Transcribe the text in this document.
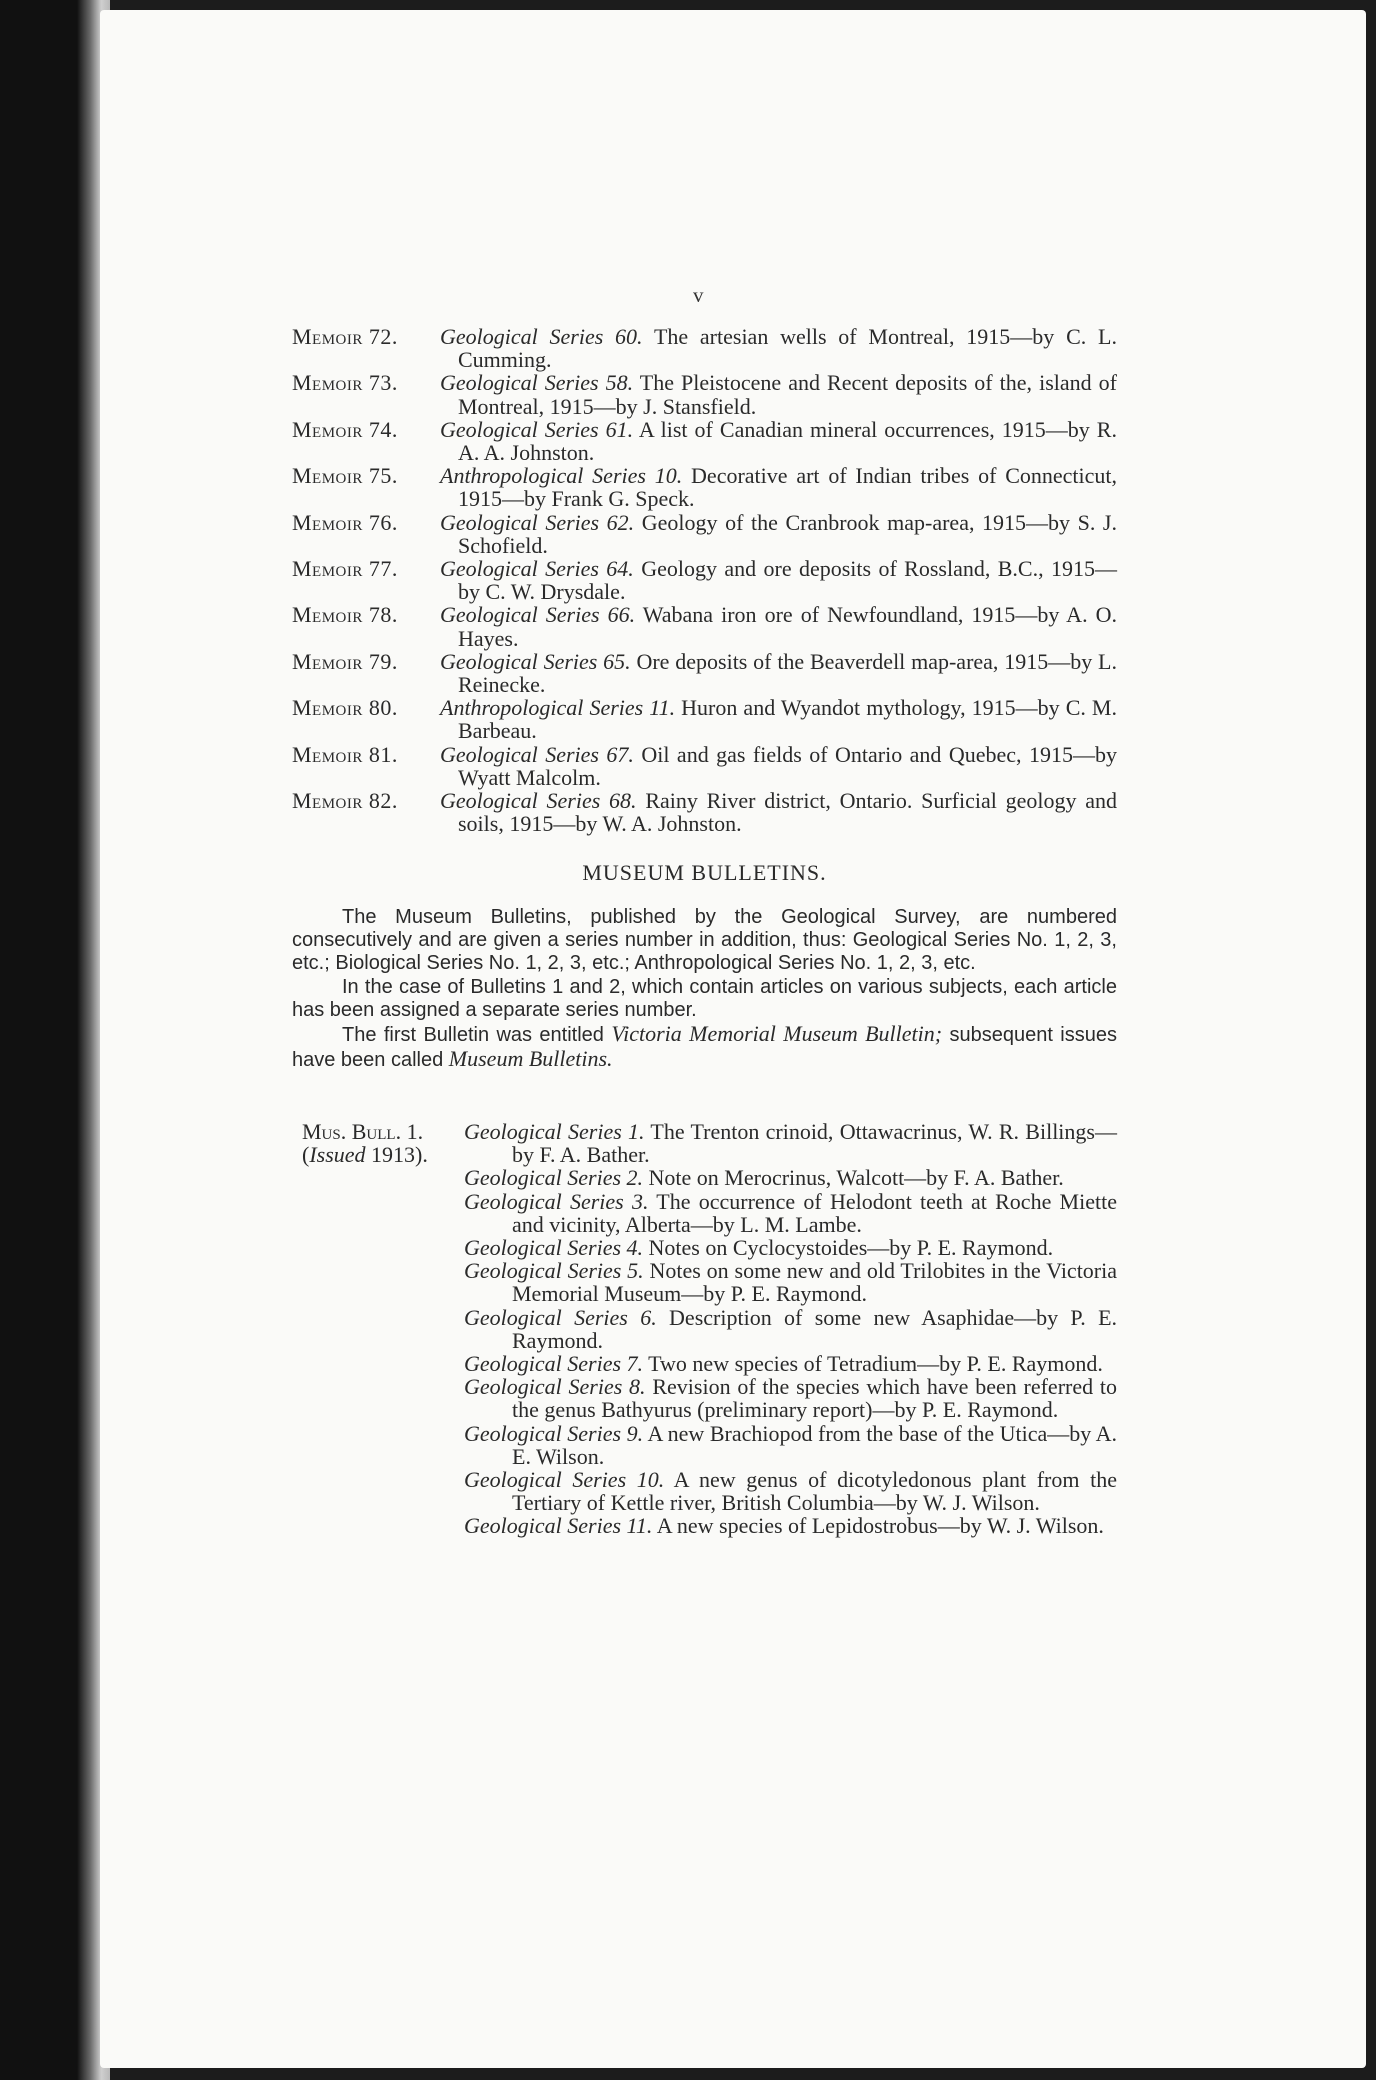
v
Memoir 72. Geological Series 60. The artesian wells of Montreal, 1915—by C. L. Cumming.
Memoir 73. Geological Series 58. The Pleistocene and Recent deposits of the, island of Montreal, 1915—by J. Stansfield.
Memoir 74. Geological Series 61. A list of Canadian mineral occurrences, 1915—by R. A. A. Johnston.
Memoir 75. Anthropological Series 10. Decorative art of Indian tribes of Connecticut, 1915—by Frank G. Speck.
Memoir 76. Geological Series 62. Geology of the Cranbrook map-area, 1915—by S. J. Schofield.
Memoir 77. Geological Series 64. Geology and ore deposits of Rossland, B.C., 1915—by C. W. Drysdale.
Memoir 78. Geological Series 66. Wabana iron ore of Newfoundland, 1915—by A. O. Hayes.
Memoir 79. Geological Series 65. Ore deposits of the Beaverdell map-area, 1915—by L. Reinecke.
Memoir 80. Anthropological Series 11. Huron and Wyandot mythology, 1915—by C. M. Barbeau.
Memoir 81. Geological Series 67. Oil and gas fields of Ontario and Quebec, 1915—by Wyatt Malcolm.
Memoir 82. Geological Series 68. Rainy River district, Ontario. Surficial geology and soils, 1915—by W. A. Johnston.
MUSEUM BULLETINS.

The Museum Bulletins, published by the Geological Survey, are numbered consecutively and are given a series number in addition, thus: Geological Series No. 1, 2, 3, etc.; Biological Series No. 1, 2, 3, etc.; Anthropological Series No. 1, 2, 3, etc.

In the case of Bulletins 1 and 2, which contain articles on various subjects, each article has been assigned a separate series number.

The first Bulletin was entitled Victoria Memorial Museum Bulletin; subsequent issues have been called Museum Bulletins.

Mus. Bull. 1.
(Issued 1913).
Geological Series 1. The Trenton crinoid, Ottawacrinus, W. R. Billings—by F. A. Bather.
Geological Series 2. Note on Merocrinus, Walcott—by F. A. Bather.
Geological Series 3. The occurrence of Helodont teeth at Roche Miette and vicinity, Alberta—by L. M. Lambe.
Geological Series 4. Notes on Cyclocystoides—by P. E. Raymond.
Geological Series 5. Notes on some new and old Trilobites in the Victoria Memorial Museum—by P. E. Raymond.
Geological Series 6. Description of some new Asaphidae—by P. E. Raymond.
Geological Series 7. Two new species of Tetradium—by P. E. Raymond.
Geological Series 8. Revision of the species which have been referred to the genus Bathyurus (preliminary report)—by P. E. Raymond.
Geological Series 9. A new Brachiopod from the base of the Utica—by A. E. Wilson.
Geological Series 10. A new genus of dicotyledonous plant from the Tertiary of Kettle river, British Columbia—by W. J. Wilson.
Geological Series 11. A new species of Lepidostrobus—by W. J. Wilson.
